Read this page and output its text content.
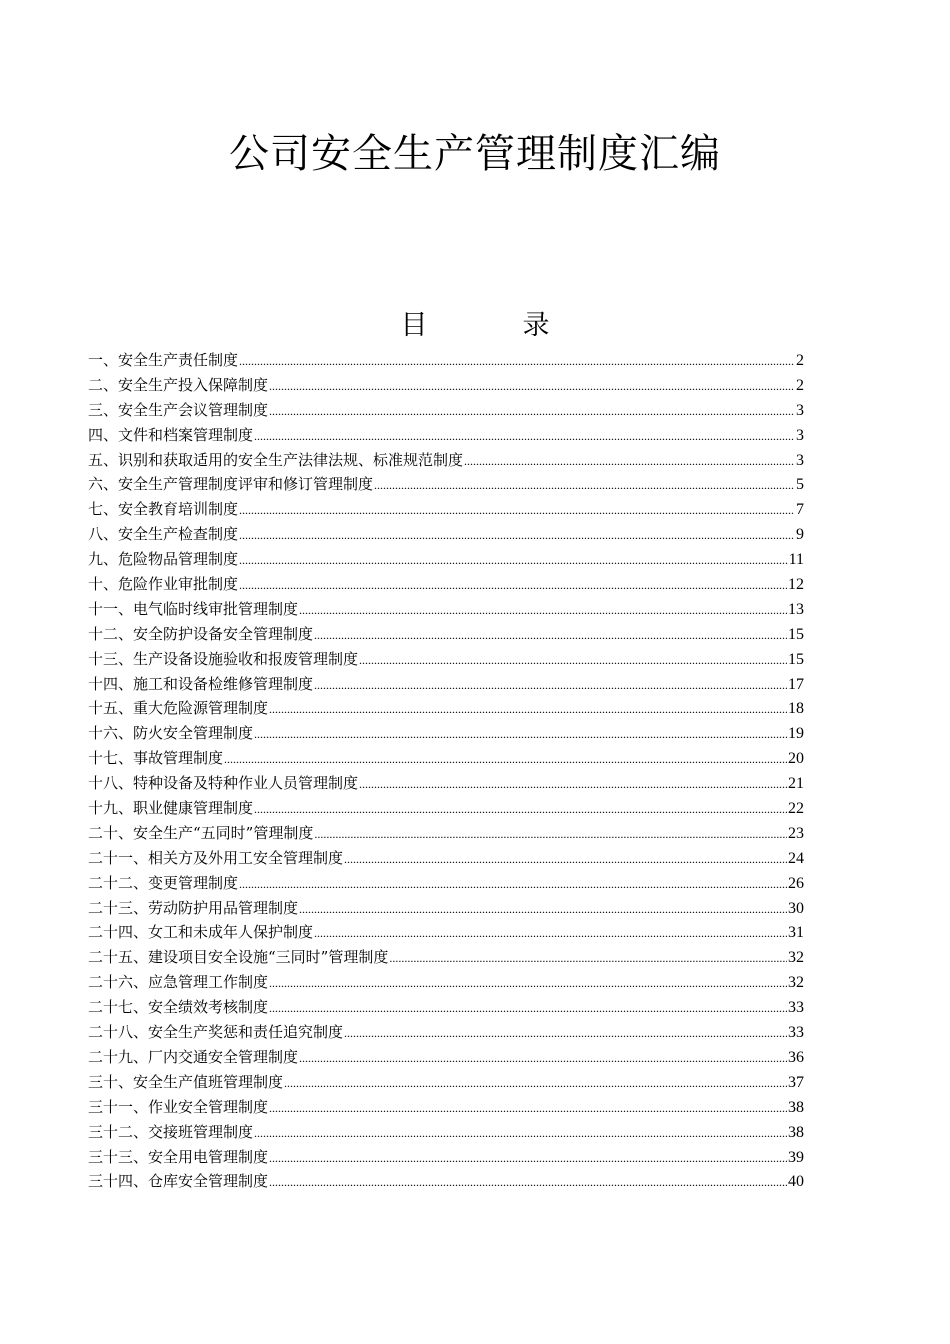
公司安全生产管理制度汇编
目	录
一、安全生产责任制度 .....	2
二、安全生产投入保障制度 .....	2
三、安全生产会议管理制度 .....	3
四、文件和档案管理制度 .....	3
五、识别和获取适用的安全生产法律法规、标准规范制度 .....	3
六、安全生产管理制度评审和修订管理制度 .....	5
七、安全教育培训制度 .....	7
八、安全生产检查制度 .....	9
九、危险物品管理制度 .....	11
十、危险作业审批制度 .....	12
十一、电气临时线审批管理制度 .....	13
十二、安全防护设备安全管理制度 .....	15
十三、生产设备设施验收和报废管理制度 .....	15
十四、施工和设备检维修管理制度 .....	17
十五、重大危险源管理制度 .....	18
十六、防火安全管理制度 .....	19
十七、事故管理制度 .....	20
十八、特种设备及特种作业人员管理制度 .....	21
十九、职业健康管理制度 .....	22
二十、安全生产“五同时”管理制度 .....	23
二十一、相关方及外用工安全管理制度 .....	24
二十二、变更管理制度 .....	26
二十三、劳动防护用品管理制度 .....	30
二十四、女工和未成年人保护制度 .....	31
二十五、建设项目安全设施“三同时”管理制度 .....	32
二十六、应急管理工作制度 .....	32
二十七、安全绩效考核制度 .....	33
二十八、安全生产奖惩和责任追究制度 .....	33
二十九、厂内交通安全管理制度 .....	36
三十、安全生产值班管理制度 .....	37
三十一、作业安全管理制度 .....	38
三十二、交接班管理制度 .....	38
三十三、安全用电管理制度 .....	39
三十四、仓库安全管理制度 .....	40
